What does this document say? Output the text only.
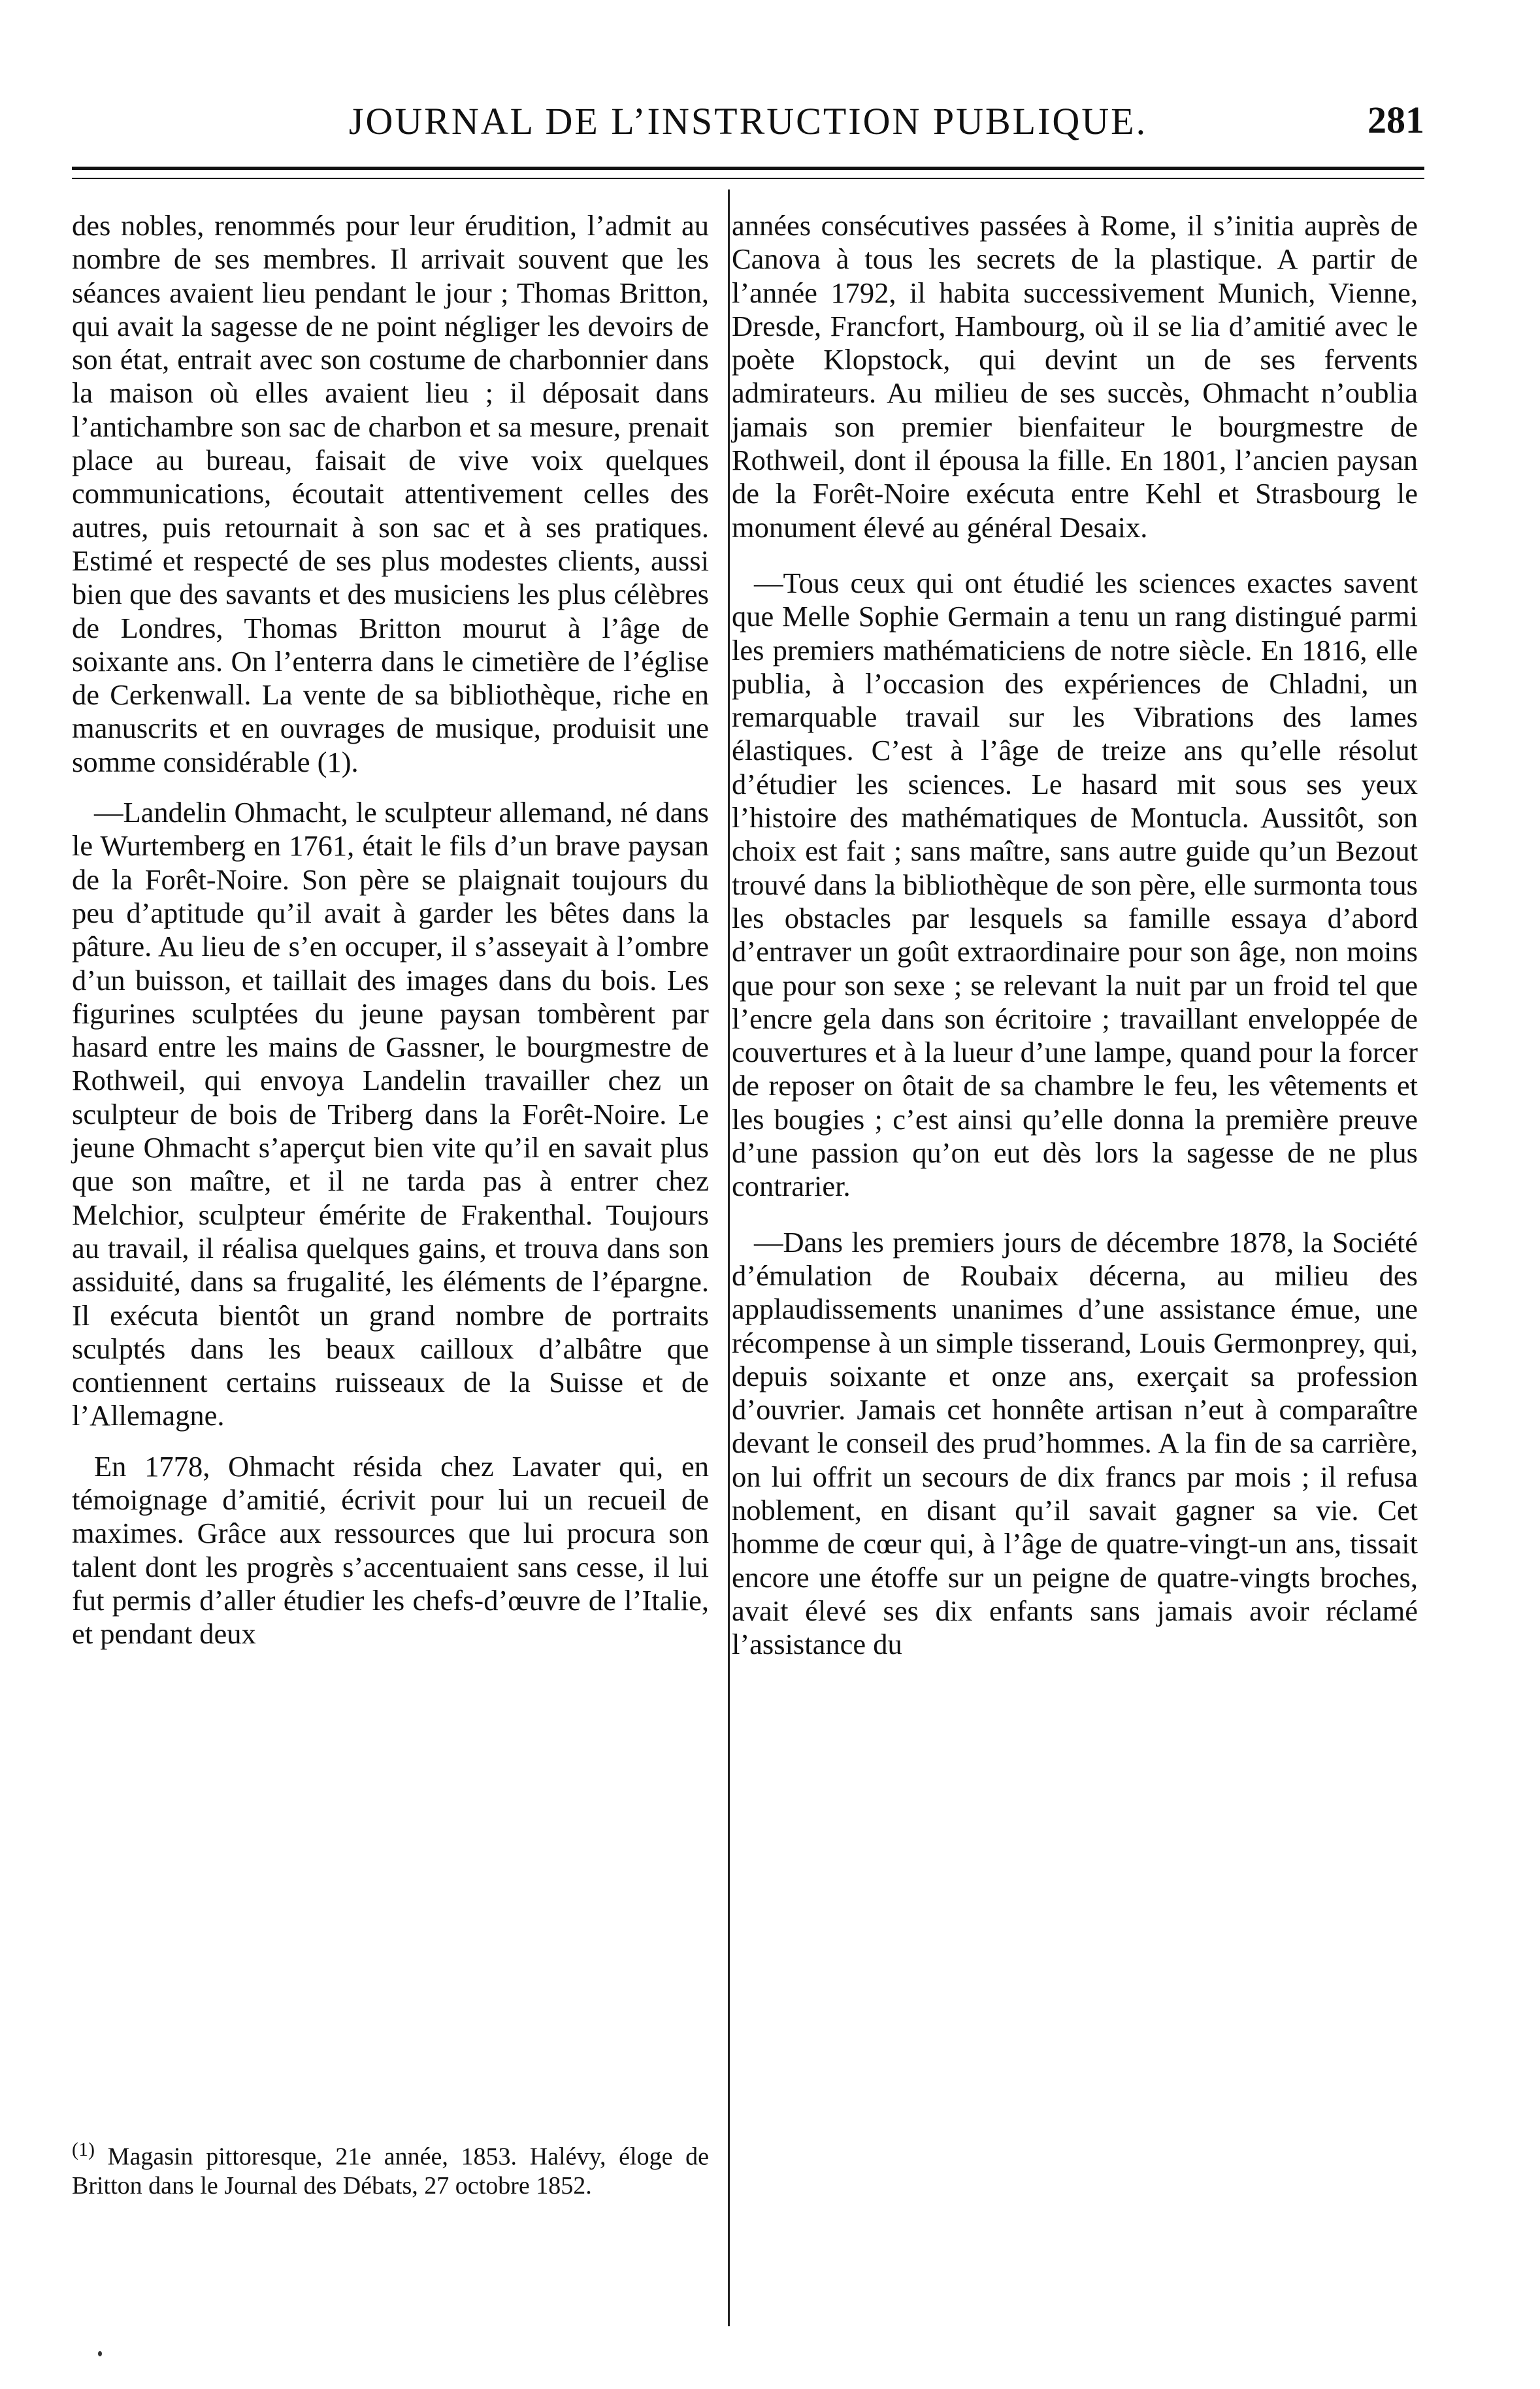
JOURNAL DE L’INSTRUCTION PUBLIQUE.	281

des nobles, renommés pour leur érudition, l’admit au nombre de ses membres. Il arrivait souvent que les séances avaient lieu pendant le jour ; Thomas Britton, qui avait la sagesse de ne point négliger les devoirs de son état, entrait avec son costume de charbonnier dans la maison où elles avaient lieu ; il déposait dans l’antichambre son sac de charbon et sa mesure, prenait place au bureau, faisait de vive voix quelques communications, écoutait attentivement celles des autres, puis retournait à son sac et à ses pratiques. Estimé et respecté de ses plus modestes clients, aussi bien que des savants et des musiciens les plus célèbres de Londres, Thomas Britton mourut à l’âge de soixante ans. On l’enterra dans le cimetière de l’église de Cerkenwall. La vente de sa bibliothèque, riche en manuscrits et en ouvrages de musique, produisit une somme considérable (1).

—Landelin Ohmacht, le sculpteur allemand, né dans le Wurtemberg en 1761, était le fils d’un brave paysan de la Forêt-Noire. Son père se plaignait toujours du peu d’aptitude qu’il avait à garder les bêtes dans la pâture. Au lieu de s’en occuper, il s’asseyait à l’ombre d’un buisson, et taillait des images dans du bois. Les figurines sculptées du jeune paysan tombèrent par hasard entre les mains de Gassner, le bourgmestre de Rothweil, qui envoya Landelin travailler chez un sculpteur de bois de Triberg dans la Forêt-Noire. Le jeune Ohmacht s’aperçut bien vite qu’il en savait plus que son maître, et il ne tarda pas à entrer chez Melchior, sculpteur émérite de Frakenthal. Toujours au travail, il réalisa quelques gains, et trouva dans son assiduité, dans sa frugalité, les éléments de l’épargne. Il exécuta bientôt un grand nombre de portraits sculptés dans les beaux cailloux d’albâtre que contiennent certains ruisseaux de la Suisse et de l’Allemagne.

En 1778, Ohmacht résida chez Lavater qui, en témoignage d’amitié, écrivit pour lui un recueil de maximes. Grâce aux ressources que lui procura son talent dont les progrès s’accentuaient sans cesse, il lui fut permis d’aller étudier les chefs-d’œuvre de l’Italie, et pendant deux

années consécutives passées à Rome, il s’initia auprès de Canova à tous les secrets de la plastique. A partir de l’année 1792, il habita successivement Munich, Vienne, Dresde, Francfort, Hambourg, où il se lia d’amitié avec le poète Klopstock, qui devint un de ses fervents admirateurs. Au milieu de ses succès, Ohmacht n’oublia jamais son premier bienfaiteur le bourgmestre de Rothweil, dont il épousa la fille. En 1801, l’ancien paysan de la Forêt-Noire exécuta entre Kehl et Strasbourg le monument élevé au général Desaix.

—Tous ceux qui ont étudié les sciences exactes savent que Melle Sophie Germain a tenu un rang distingué parmi les premiers mathématiciens de notre siècle. En 1816, elle publia, à l’occasion des expériences de Chladni, un remarquable travail sur les Vibrations des lames élastiques. C’est à l’âge de treize ans qu’elle résolut d’étudier les sciences. Le hasard mit sous ses yeux l’histoire des mathématiques de Montucla. Aussitôt, son choix est fait ; sans maître, sans autre guide qu’un Bezout trouvé dans la bibliothèque de son père, elle surmonta tous les obstacles par lesquels sa famille essaya d’abord d’entraver un goût extraordinaire pour son âge, non moins que pour son sexe ; se relevant la nuit par un froid tel que l’encre gela dans son écritoire ; travaillant enveloppée de couvertures et à la lueur d’une lampe, quand pour la forcer de reposer on ôtait de sa chambre le feu, les vêtements et les bougies ; c’est ainsi qu’elle donna la première preuve d’une passion qu’on eut dès lors la sagesse de ne plus contrarier.

—Dans les premiers jours de décembre 1878, la Société d’émulation de Roubaix décerna, au milieu des applaudissements unanimes d’une assistance émue, une récompense à un simple tisserand, Louis Germonprey, qui, depuis soixante et onze ans, exerçait sa profession d’ouvrier. Jamais cet honnête artisan n’eut à comparaître devant le conseil des prud’hommes. A la fin de sa carrière, on lui offrit un secours de dix francs par mois ; il refusa noblement, en disant qu’il savait gagner sa vie. Cet homme de cœur qui, à l’âge de quatre-vingt-un ans, tissait encore une étoffe sur un peigne de quatre-vingts broches, avait élevé ses dix enfants sans jamais avoir réclamé l’assistance du

$^{(1)}$ Magasin pittoresque, 21e année, 1853. Halévy, éloge de Britton dans le Journal des Débats, 27 octobre 1852.
